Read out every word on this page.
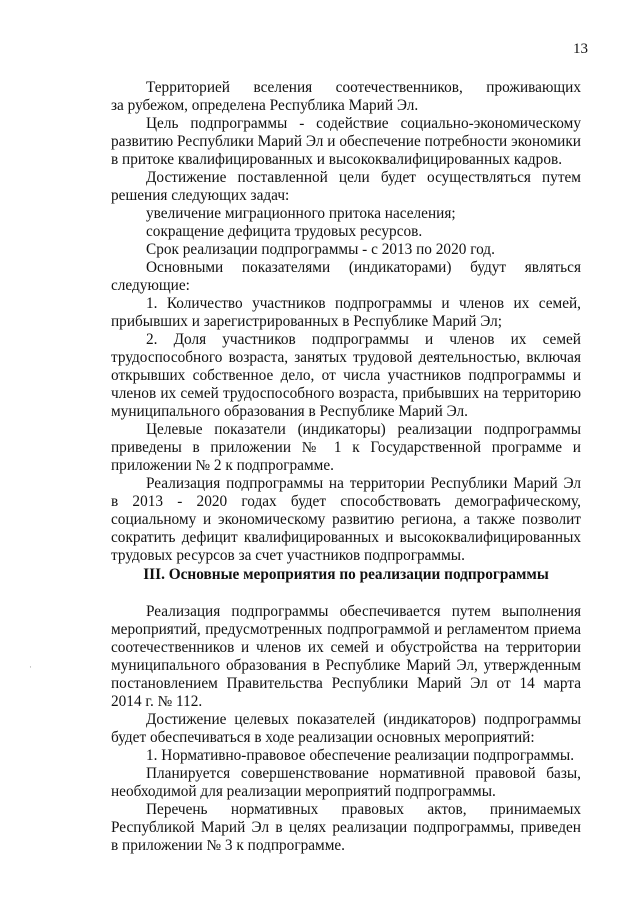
13
Территорией вселения соотечественников, проживающих
за рубежом, определена Республика Марий Эл.
Цель подпрограммы - содействие социально-экономическому
развитию Республики Марий Эл и обеспечение потребности экономики
в притоке квалифицированных и высококвалифицированных кадров.
Достижение поставленной цели будет осуществляться путем
решения следующих задач:
увеличение миграционного притока населения;
сокращение дефицита трудовых ресурсов.
Срок реализации подпрограммы - с 2013 по 2020 год.
Основными показателями (индикаторами) будут являться
следующие:
1. Количество участников подпрограммы и членов их семей,
прибывших и зарегистрированных в Республике Марий Эл;
2. Доля участников подпрограммы и членов их семей
трудоспособного возраста, занятых трудовой деятельностью, включая
открывших собственное дело, от числа участников подпрограммы и
членов их семей трудоспособного возраста, прибывших на территорию
муниципального образования в Республике Марий Эл.
Целевые показатели (индикаторы) реализации подпрограммы
приведены в приложении № 1 к Государственной программе и
приложении № 2 к подпрограмме.
Реализация подпрограммы на территории Республики Марий Эл
в 2013 - 2020 годах будет способствовать демографическому,
социальному и экономическому развитию региона, а также позволит
сократить дефицит квалифицированных и высококвалифицированных
трудовых ресурсов за счет участников подпрограммы.
Реализация подпрограммы обеспечивается путем выполнения
мероприятий, предусмотренных подпрограммой и регламентом приема
соотечественников и членов их семей и обустройства на территории
муниципального образования в Республике Марий Эл, утвержденным
постановлением Правительства Республики Марий Эл от 14 марта
2014 г. № 112.
Достижение целевых показателей (индикаторов) подпрограммы
будет обеспечиваться в ходе реализации основных мероприятий:
1. Нормативно-правовое обеспечение реализации подпрограммы.
Планируется совершенствование нормативной правовой базы,
необходимой для реализации мероприятий подпрограммы.
Перечень нормативных правовых актов, принимаемых
Республикой Марий Эл в целях реализации подпрограммы, приведен
в приложении № 3 к подпрограмме.
III. Основные мероприятия по реализации подпрограммы
·
